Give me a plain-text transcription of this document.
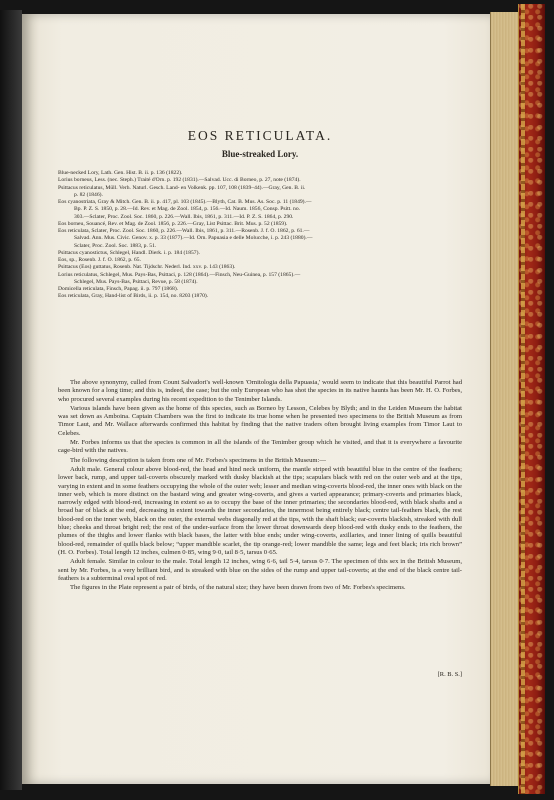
EOS RETICULATA.
Blue-streaked Lory.
Blue-necked Lory, Lath. Gen. Hist. B. ii. p. 136 (1822).
Lorius borneus, Less. (nec. Steph.) Traité d'Orn. p. 192 (1831).—Salvad. Ucc. di Borneo, p. 27, note (1874).
Psittacus reticulatus, Müll. Verh. Naturl. Gesch. Land- en Volkenk. pp. 107, 108 (1839–44).—Gray, Gen. B. ii.
p. 82 (1846).
Eos cyanostriata, Gray & Mitch. Gen. B. ii. p. 417, pl. 103 (1845).—Blyth, Cat. B. Mus. As. Soc. p. 11 (1849).—
Bp. P. Z. S. 1850, p. 28.—Id. Rev. et Mag. de Zool. 1854, p. 156.—Id. Naum. 1856, Consp. Psitt. no.
303.—Sclater, Proc. Zool. Soc. 1860, p. 226.—Wall. Ibis, 1861, p. 311.—Id. P. Z. S. 1864, p. 290.
Eos borneu, Souancé, Rev. et Mag. de Zool. 1856, p. 226.—Gray, List Psittac. Brit. Mus. p. 52 (1859).
Eos reticulata, Sclater, Proc. Zool. Soc. 1860, p. 226.—Wall. Ibis, 1861, p. 311.—Rosenb. J. f. O. 1862, p. 61.—
Salvad. Ann. Mus. Civic. Genov. x. p. 33 (1877).—Id. Orn. Papuasia e delle Molucche, i. p. 243 (1880).—
Sclater, Proc. Zool. Soc. 1883, p. 51.
Psittacus cyanostictus, Schlegel, Handl. Dierk. i. p. 184 (1857).
Eos, sp., Rosenb. J. f. O. 1862, p. 65.
Psittacus (Eos) guttatus, Rosenb. Nat. Tijdschr. Nederl. Ind. xxv. p. 143 (1863).
Lorius reticulatus, Schlegel, Mus. Pays-Bas, Psittaci, p. 128 (1864).—Finsch, Neu-Guinea, p. 157 (1865).—
Schlegel, Mus. Pays-Bas, Psittaci, Revue, p. 58 (1874).
Domicella reticulata, Finsch, Papag. ii. p. 797 (1868).
Eos reticulata, Gray, Hand-list of Birds, ii. p. 154, no. 8203 (1870).

The above synonymy, culled from Count Salvadori's well-known 'Ornitologia della Papuasia,' would seem to indicate that this beautiful Parrot had been known for a long time; and this is, indeed, the case; but the only European who has shot the species in its native haunts has been Mr. H. O. Forbes, who procured several examples during his recent expedition to the Tenimber Islands.

Various islands have been given as the home of this species, such as Borneo by Lesson, Celebes by Blyth; and in the Leiden Museum the habitat was set down as Amboina. Captain Chambers was the first to indicate its true home when he presented two specimens to the British Museum as from Timor Laut, and Mr. Wallace afterwards confirmed this habitat by finding that the native traders often brought living examples from Timor Laut to Celebes.

Mr. Forbes informs us that the species is common in all the islands of the Tenimber group which he visited, and that it is everywhere a favourite cage-bird with the natives.

The following description is taken from one of Mr. Forbes's specimens in the British Museum:—

Adult male. General colour above blood-red, the head and hind neck uniform, the mantle striped with beautiful blue in the centre of the feathers; lower back, rump, and upper tail-coverts obscurely marked with dusky blackish at the tips; scapulars black with red on the outer web and at the tips, varying in extent and in some feathers occupying the whole of the outer web; lesser and median wing-coverts blood-red, the inner ones with black on the inner web, which is more distinct on the bastard wing and greater wing-coverts, and gives a varied appearance; primary-coverts and primaries black, narrowly edged with blood-red, increasing in extent so as to occupy the base of the inner primaries; the secondaries blood-red, with black shafts and a broad bar of black at the end, decreasing in extent towards the inner secondaries, the innermost being entirely black; centre tail-feathers black, the rest blood-red on the inner web, black on the outer, the external webs diagonally red at the tips, with the shaft black; ear-coverts blackish, streaked with dull blue; cheeks and throat bright red; the rest of the under-surface from the lower throat downwards deep blood-red with dusky ends to the feathers, the plumes of the thighs and lower flanks with black bases, the latter with blue ends; under wing-coverts, axillaries, and inner lining of quills beautiful blood-red, remainder of quills black below; “upper mandible scarlet, the tip orange-red; lower mandible the same; legs and feet black; iris rich brown” (H. O. Forbes). Total length 12 inches, culmen 0·85, wing 9·0, tail 8·5, tarsus 0·65.

Adult female. Similar in colour to the male. Total length 12 inches, wing 6·6, tail 5·4, tarsus 0·7. The specimen of this sex in the British Museum, sent by Mr. Forbes, is a very brilliant bird, and is streaked with blue on the sides of the rump and upper tail-coverts; at the end of the black centre tail-feathers is a subterminal oval spot of red.

The figures in the Plate represent a pair of birds, of the natural size; they have been drawn from two of Mr. Forbes's specimens.

[R. B. S.]
